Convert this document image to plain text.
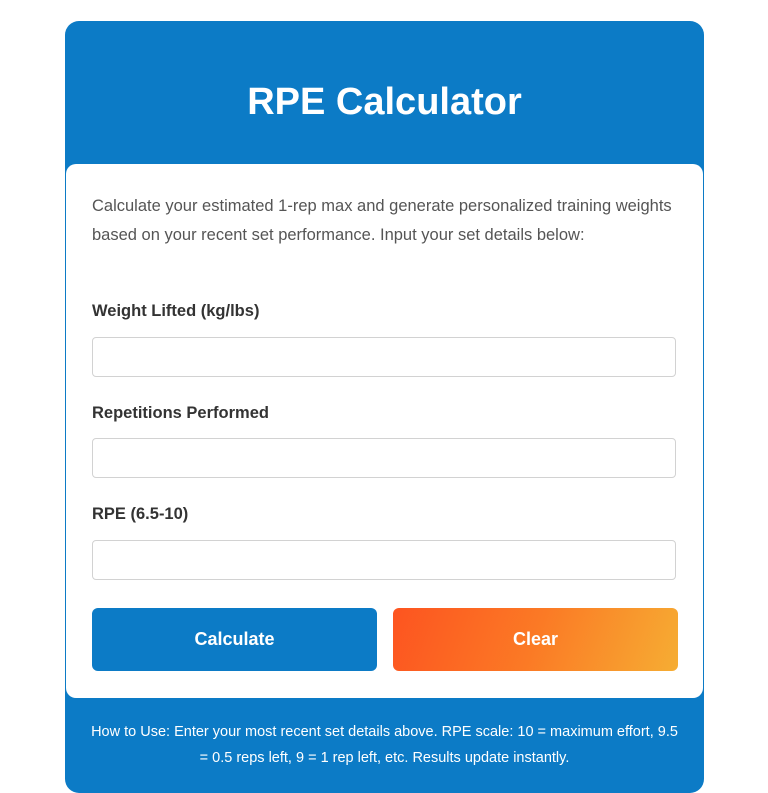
RPE Calculator

Calculate your estimated 1-rep max and generate personalized training weights based on your recent set performance. Input your set details below:

Weight Lifted (kg/lbs)
Repetitions Performed
RPE (6.5-10)
Calculate	Clear

How to Use: Enter your most recent set details above. RPE scale: 10 = maximum effort, 9.5 = 0.5 reps left, 9 = 1 rep left, etc. Results update instantly.
